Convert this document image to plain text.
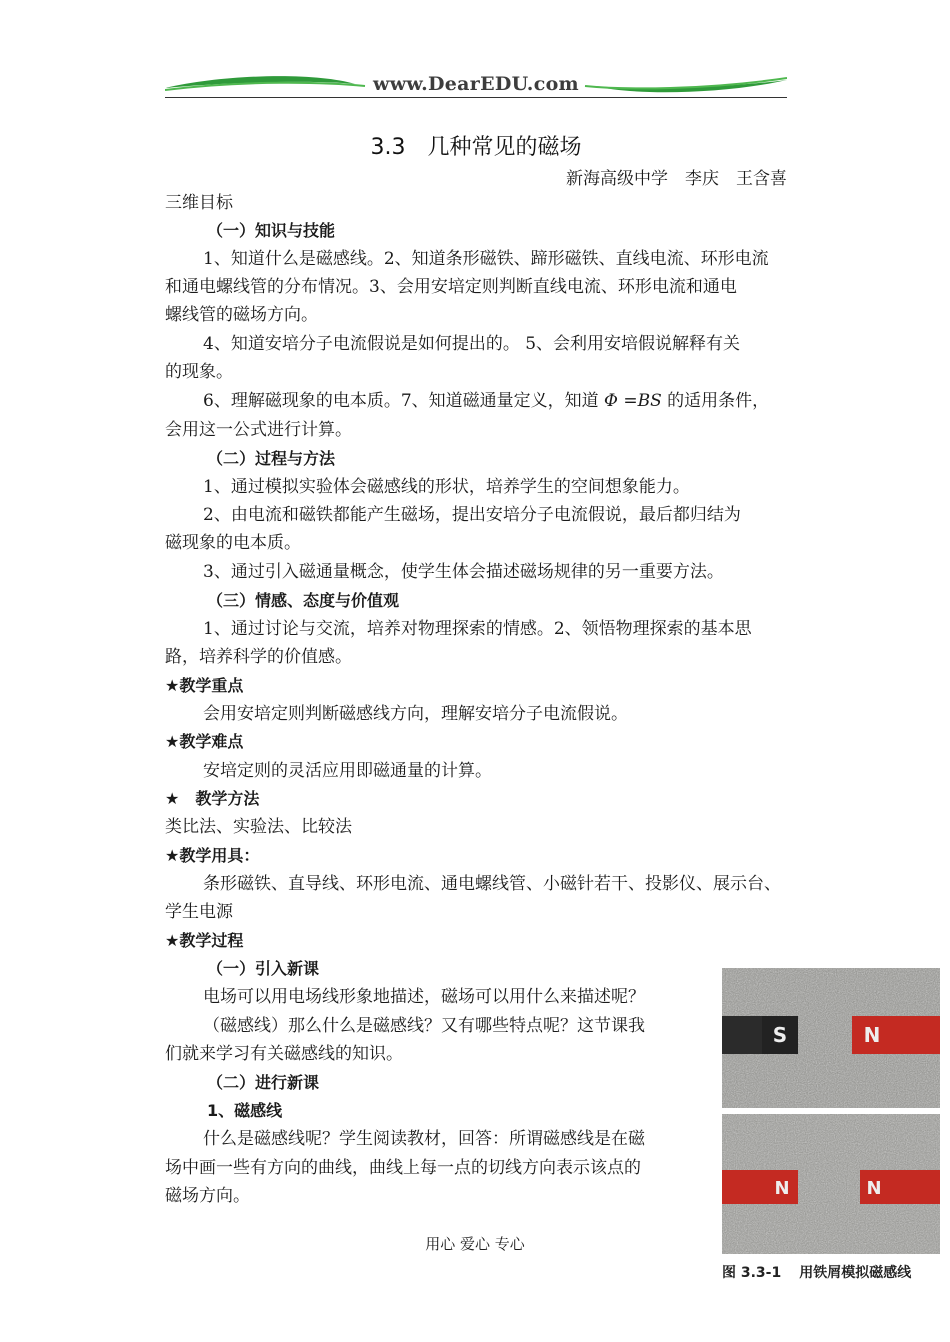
www.DearEDU.com
3.3　几种常见的磁场
新海高级中学　李庆　王含喜
三维目标
（一）知识与技能
1、知道什么是磁感线。2、知道条形磁铁、蹄形磁铁、直线电流、环形电流
和通电螺线管的分布情况。3、会用安培定则判断直线电流、环形电流和通电
螺线管的磁场方向。
4、知道安培分子电流假说是如何提出的。 5、会利用安培假说解释有关
的现象。
6、理解磁现象的电本质。7、知道磁通量定义，知道 Φ =BS 的适用条件，
会用这一公式进行计算。
（二）过程与方法
1、通过模拟实验体会磁感线的形状，培养学生的空间想象能力。
2、由电流和磁铁都能产生磁场，提出安培分子电流假说，最后都归结为
磁现象的电本质。
3、通过引入磁通量概念，使学生体会描述磁场规律的另一重要方法。
（三）情感、态度与价值观
1、通过讨论与交流，培养对物理探索的情感。2、领悟物理探索的基本思
路，培养科学的价值感。
★教学重点
会用安培定则判断磁感线方向，理解安培分子电流假说。
★教学难点
安培定则的灵活应用即磁通量的计算。
★　教学方法
类比法、实验法、比较法
★教学用具：
条形磁铁、直导线、环形电流、通电螺线管、小磁针若干、投影仪、展示台、
学生电源
★教学过程
（一）引入新课
电场可以用电场线形象地描述，磁场可以用什么来描述呢？
（磁感线）那么什么是磁感线？又有哪些特点呢？这节课我
们就来学习有关磁感线的知识。
（二）进行新课
1、磁感线
什么是磁感线呢？学生阅读教材，回答：所谓磁感线是在磁
场中画一些有方向的曲线，曲线上每一点的切线方向表示该点的
磁场方向。
S	N
N	N
图 3.3-1 用铁屑模拟磁感线
用心 爱心 专心
